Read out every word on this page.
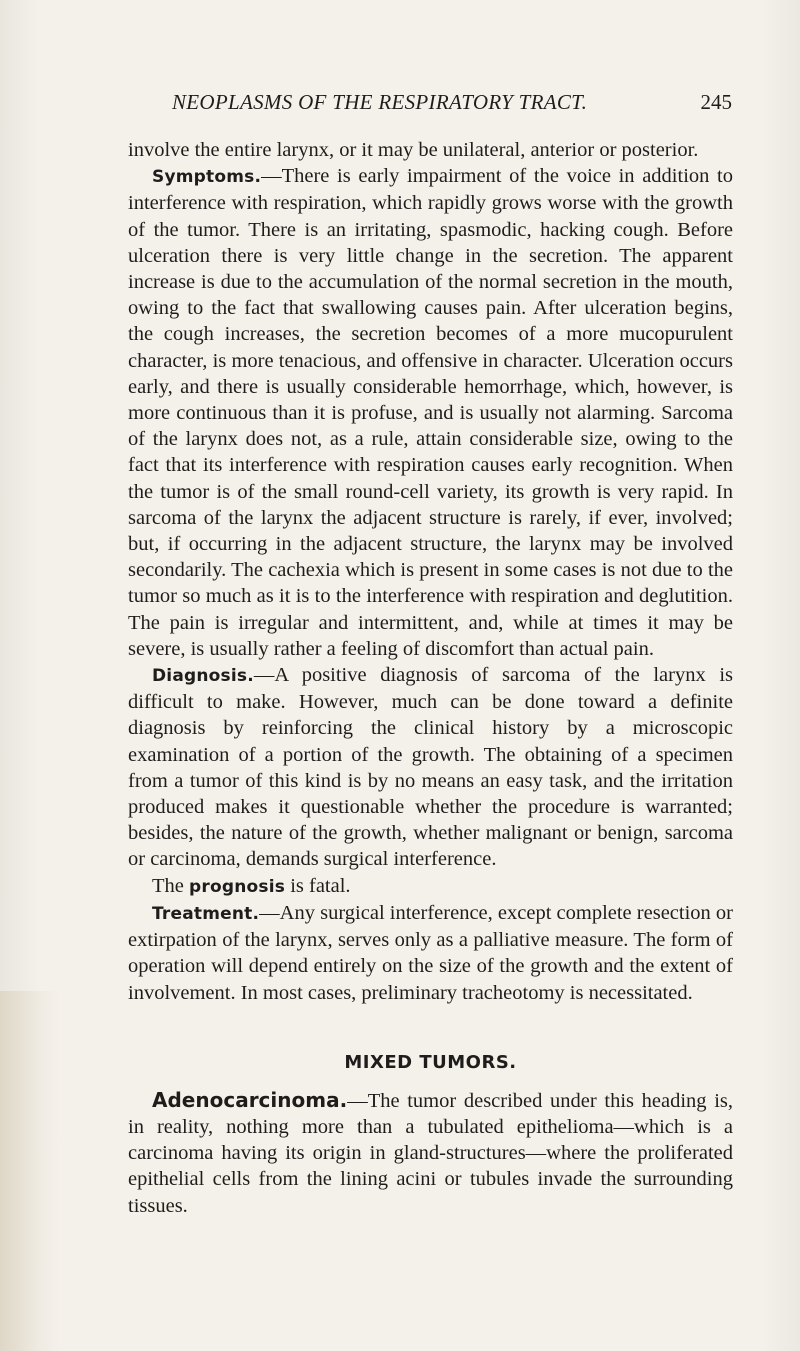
NEOPLASMS OF THE RESPIRATORY TRACT.	245

involve the entire larynx, or it may be unilateral, anterior or posterior.

Symptoms.—There is early impairment of the voice in addition to interference with respiration, which rapidly grows worse with the growth of the tumor. There is an irritating, spasmodic, hacking cough. Before ulceration there is very little change in the secretion. The apparent increase is due to the accumulation of the normal secretion in the mouth, owing to the fact that swallowing causes pain. After ulceration begins, the cough increases, the secretion becomes of a more mucopurulent character, is more tenacious, and offensive in character. Ulceration occurs early, and there is usually considerable hemorrhage, which, however, is more continuous than it is profuse, and is usually not alarming. Sarcoma of the larynx does not, as a rule, attain considerable size, owing to the fact that its interference with respiration causes early recognition. When the tumor is of the small round-cell variety, its growth is very rapid. In sarcoma of the larynx the adjacent structure is rarely, if ever, involved; but, if occurring in the adjacent structure, the larynx may be involved secondarily. The cachexia which is present in some cases is not due to the tumor so much as it is to the interference with respiration and deglutition. The pain is irregular and intermittent, and, while at times it may be severe, is usually rather a feeling of discomfort than actual pain.

Diagnosis.—A positive diagnosis of sarcoma of the larynx is difficult to make. However, much can be done toward a definite diagnosis by reinforcing the clinical history by a microscopic examination of a portion of the growth. The obtaining of a specimen from a tumor of this kind is by no means an easy task, and the irritation produced makes it questionable whether the procedure is warranted; besides, the nature of the growth, whether malignant or benign, sarcoma or carcinoma, demands surgical interference.

The prognosis is fatal.

Treatment.—Any surgical interference, except complete resection or extirpation of the larynx, serves only as a palliative measure. The form of operation will depend entirely on the size of the growth and the extent of involvement. In most cases, preliminary tracheotomy is necessitated.

MIXED TUMORS.

Adenocarcinoma.—The tumor described under this heading is, in reality, nothing more than a tubulated epithelioma—which is a carcinoma having its origin in gland-structures—where the proliferated epithelial cells from the lining acini or tubules invade the surrounding tissues.
